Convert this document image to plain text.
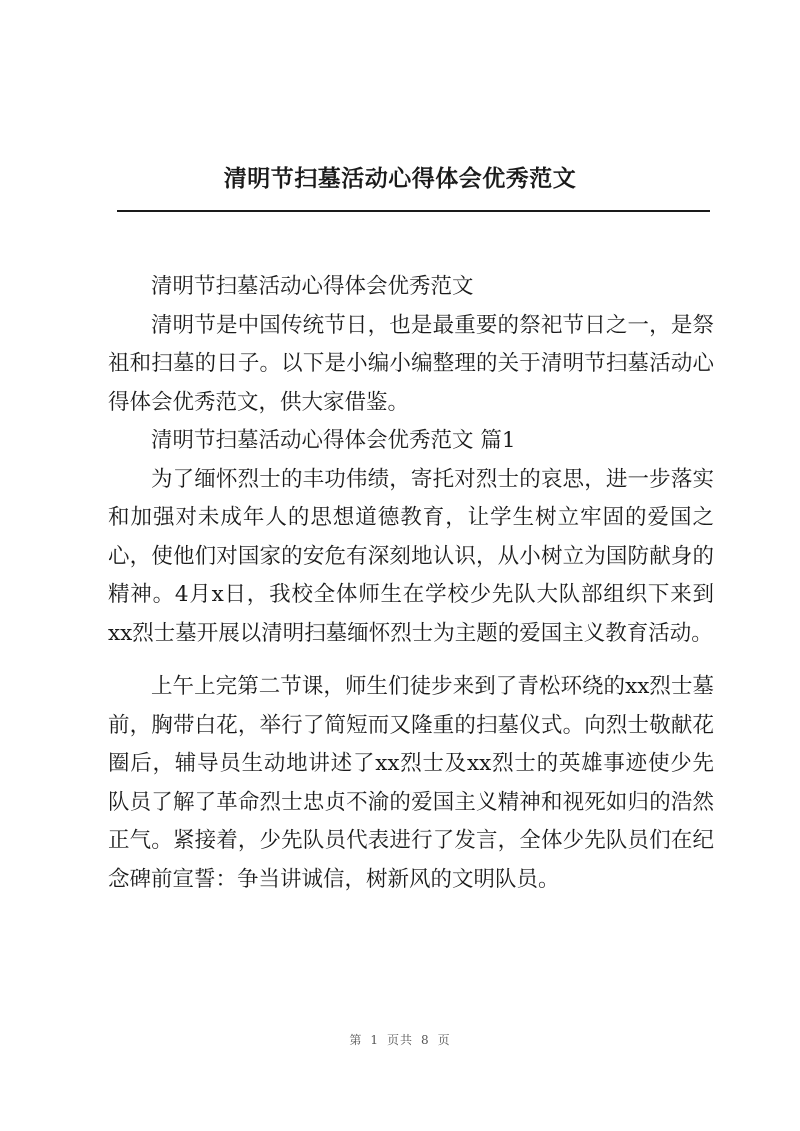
清明节扫墓活动心得体会优秀范文

清明节扫墓活动心得体会优秀范文

清明节是中国传统节日，也是最重要的祭祀节日之一，是祭祖和扫墓的日子。以下是小编小编整理的关于清明节扫墓活动心得体会优秀范文，供大家借鉴。

清明节扫墓活动心得体会优秀范文 篇1

为了缅怀烈士的丰功伟绩，寄托对烈士的哀思，进一步落实和加强对未成年人的思想道德教育，让学生树立牢固的爱国之心，使他们对国家的安危有深刻地认识，从小树立为国防献身的精神。4月x日，我校全体师生在学校少先队大队部组织下来到xx烈士墓开展以清明扫墓缅怀烈士为主题的爱国主义教育活动。

上午上完第二节课，师生们徒步来到了青松环绕的xx烈士墓前，胸带白花，举行了简短而又隆重的扫墓仪式。向烈士敬献花圈后，辅导员生动地讲述了xx烈士及xx烈士的英雄事迹使少先队员了解了革命烈士忠贞不渝的爱国主义精神和视死如归的浩然正气。紧接着，少先队员代表进行了发言，全体少先队员们在纪念碑前宣誓：争当讲诚信，树新风的文明队员。

第 1 页共 8 页
